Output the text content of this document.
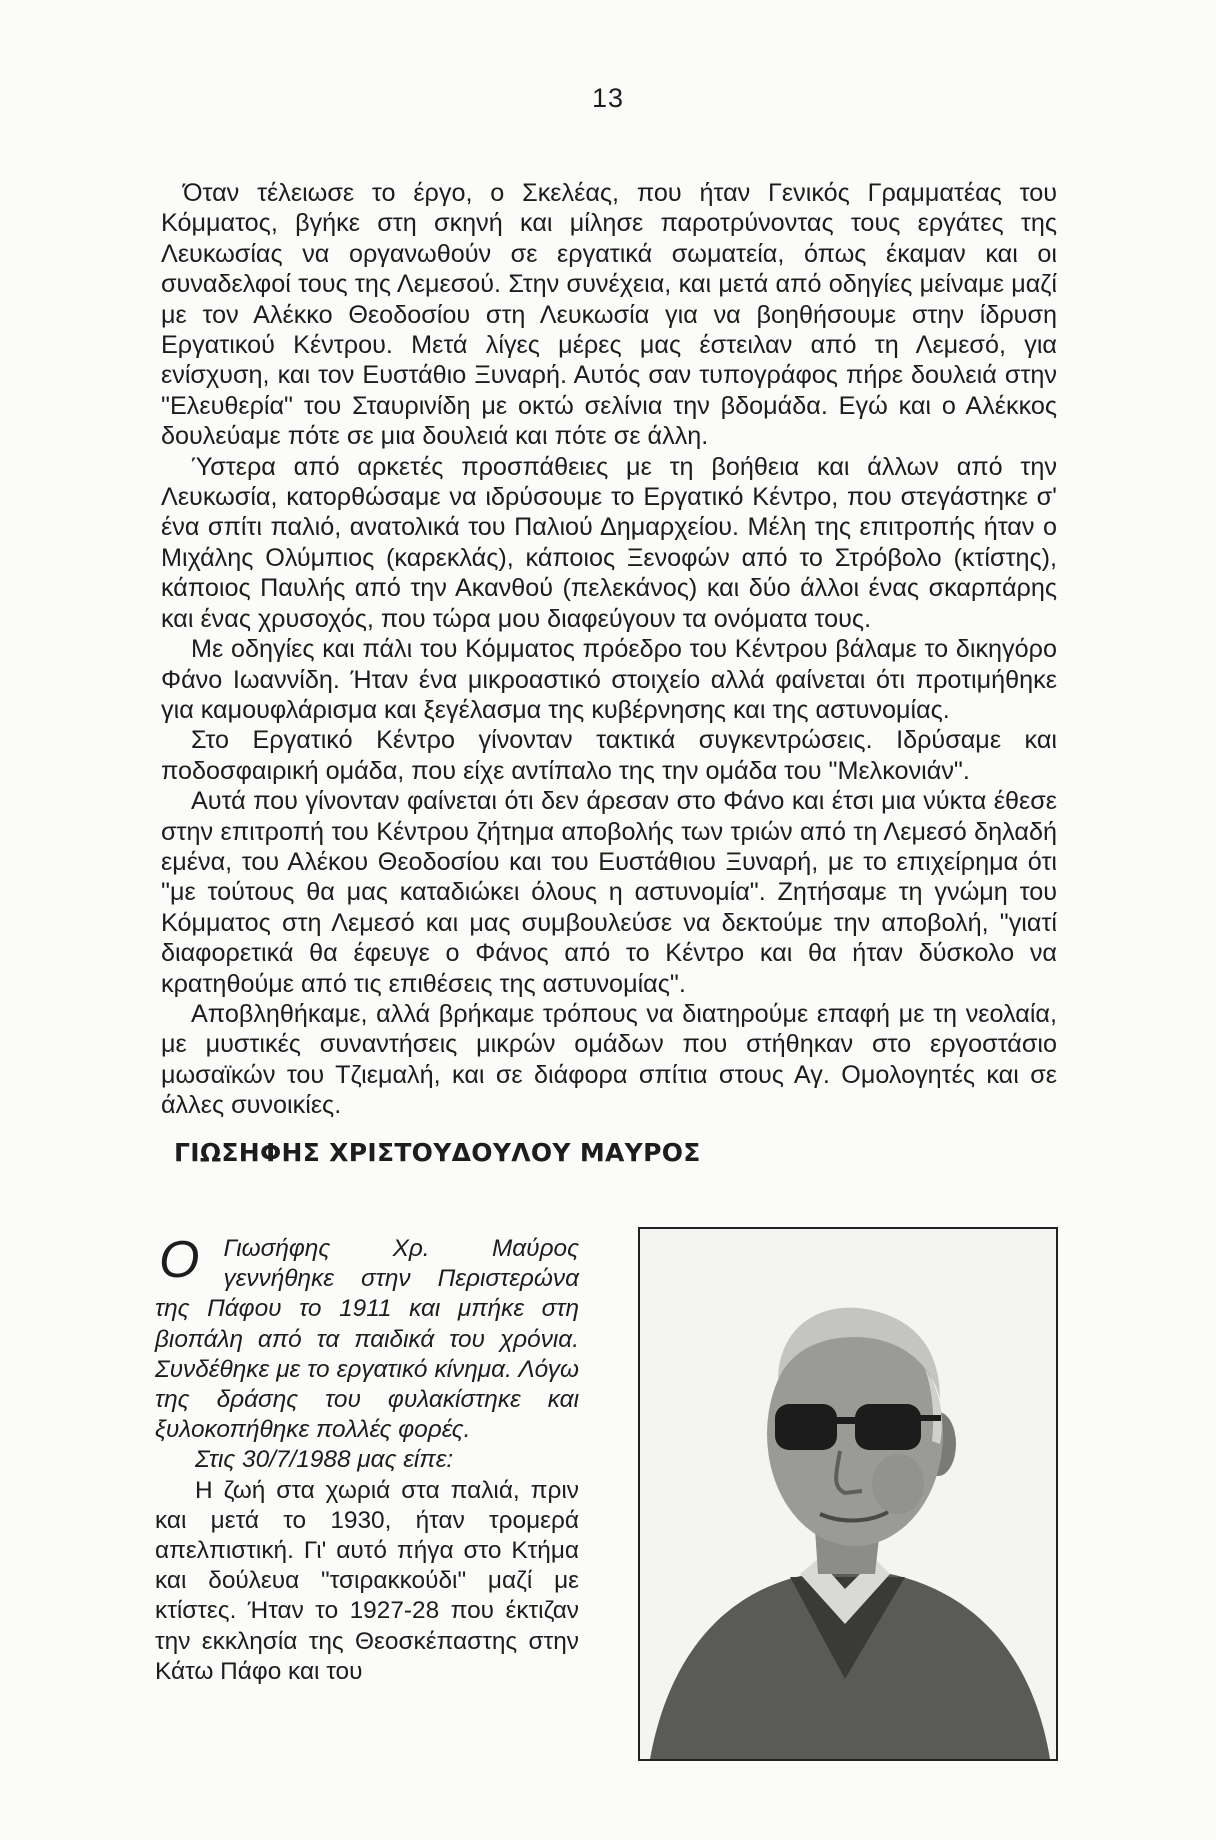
13

Όταν τέλειωσε το έργο, ο Σκελέας, που ήταν Γενικός Γραμματέας του Κόμματος, βγήκε στη σκηνή και μίλησε παροτρύνοντας τους εργάτες της Λευκωσίας να οργανωθούν σε εργατικά σωματεία, όπως έκαμαν και οι συναδελφοί τους της Λεμεσού. Στην συνέχεια, και μετά από οδηγίες μείναμε μαζί με τον Αλέκκο Θεοδοσίου στη Λευκωσία για να βοηθήσουμε στην ίδρυση Εργατικού Κέντρου. Μετά λίγες μέρες μας έστειλαν από τη Λεμεσό, για ενίσχυση, και τον Ευστάθιο Ξυναρή. Αυτός σαν τυπογράφος πήρε δουλειά στην "Ελευθερία" του Σταυρινίδη με οκτώ σελίνια την βδομάδα. Εγώ και ο Αλέκκος δουλεύαμε πότε σε μια δουλειά και πότε σε άλλη.

Ύστερα από αρκετές προσπάθειες με τη βοήθεια και άλλων από την Λευκωσία, κατορθώσαμε να ιδρύσουμε το Εργατικό Κέντρο, που στεγάστηκε σ' ένα σπίτι παλιό, ανατολικά του Παλιού Δημαρχείου. Μέλη της επιτροπής ήταν ο Μιχάλης Ολύμπιος (καρεκλάς), κάποιος Ξενοφών από το Στρόβολο (κτίστης), κάποιος Παυλής από την Ακανθού (πελεκάνος) και δύο άλλοι ένας σκαρπάρης και ένας χρυσοχός, που τώρα μου διαφεύγουν τα ονόματα τους.

Με οδηγίες και πάλι του Κόμματος πρόεδρο του Κέντρου βάλαμε το δικηγόρο Φάνο Ιωαννίδη. Ήταν ένα μικροαστικό στοιχείο αλλά φαίνεται ότι προτιμήθηκε για καμουφλάρισμα και ξεγέλασμα της κυβέρνησης και της αστυνομίας.

Στο Εργατικό Κέντρο γίνονταν τακτικά συγκεντρώσεις. Ιδρύσαμε και ποδοσφαιρική ομάδα, που είχε αντίπαλο της την ομάδα του "Μελκονιάν".

Αυτά που γίνονταν φαίνεται ότι δεν άρεσαν στο Φάνο και έτσι μια νύκτα έθεσε στην επιτροπή του Κέντρου ζήτημα αποβολής των τριών από τη Λεμεσό δηλαδή εμένα, του Αλέκου Θεοδοσίου και του Ευστάθιου Ξυναρή, με το επιχείρημα ότι "με τούτους θα μας καταδιώκει όλους η αστυνομία". Ζητήσαμε τη γνώμη του Κόμματος στη Λεμεσό και μας συμβουλεύσε να δεκτούμε την αποβολή, "γιατί διαφορετικά θα έφευγε ο Φάνος από το Κέντρο και θα ήταν δύσκολο να κρατηθούμε από τις επιθέσεις της αστυνομίας".

Αποβληθήκαμε, αλλά βρήκαμε τρόπους να διατηρούμε επαφή με τη νεολαία, με μυστικές συναντήσεις μικρών ομάδων που στήθηκαν στο εργοστάσιο μωσαϊκών του Τζιεμαλή, και σε διάφορα σπίτια στους Αγ. Ομολογητές και σε άλλες συνοικίες.

ΓΙΩΣΗΦΗΣ ΧΡΙΣΤΟΥΔΟΥΛΟΥ ΜΑΥΡΟΣ

Ο Γιωσήφης Χρ. Μαύρος γεννήθηκε στην Περιστερώνα της Πάφου το 1911 και μπήκε στη βιοπάλη από τα παιδικά του χρόνια. Συνδέθηκε με το εργατικό κίνημα. Λόγω της δράσης του φυλακίστηκε και ξυλοκοπήθηκε πολλές φορές.

Στις 30/7/1988 μας είπε:

Η ζωή στα χωριά στα παλιά, πριν και μετά το 1930, ήταν τρομερά απελπιστική. Γι' αυτό πήγα στο Κτήμα και δούλευα "τσιρακκούδι" μαζί με κτίστες. Ήταν το 1927-28 που έκτιζαν την εκκλησία της Θεοσκέπαστης στην Κάτω Πάφο και του
